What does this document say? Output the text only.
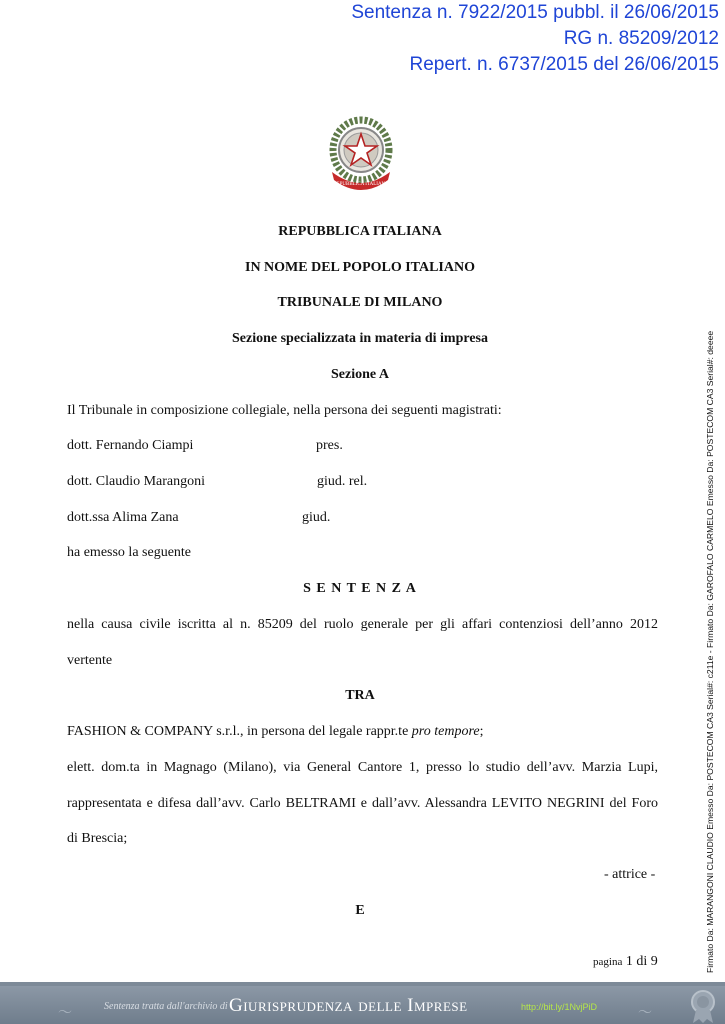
Sentenza n. 7922/2015 pubbl. il 26/06/2015
RG n. 85209/2012
Repert. n. 6737/2015 del 26/06/2015
REPUBBLICA ITALIANA
REPUBBLICA ITALIANA
IN NOME DEL POPOLO ITALIANO
TRIBUNALE DI MILANO
Sezione specializzata in materia di impresa
Sezione A
Il Tribunale in composizione collegiale, nella persona dei seguenti magistrati:
dott. Fernando Ciampi	pres.
dott. Claudio Marangoni	giud. rel.
dott.ssa Alima Zana	giud.
ha emesso la seguente
S E N T E N Z A
nella causa civile iscritta al n. 85209 del ruolo generale per gli affari contenziosi dell’anno 2012
vertente
TRA
FASHION & COMPANY s.r.l., in persona del legale rappr.te pro tempore;
elett. dom.ta in Magnago (Milano), via General Cantore 1, presso lo studio dell’avv. Marzia Lupi,
rappresentata e difesa dall’avv. Carlo BELTRAMI e dall’avv. Alessandra LEVITO NEGRINI del Foro
di Brescia;
- attrice -
E
pagina 1 di 9	Firmato Da: MARANGONI CLAUDIO Emesso Da: POSTECOM CA3 Serial#: c211e - Firmato Da: GAROFALO CARMELO Emesso Da: POSTECOM CA3 Serial#: deeee
〜	Sentenza tratta dall'archivio di Giurisprudenza delle Imprese	http://bit.ly/1NvjPiD	〜
